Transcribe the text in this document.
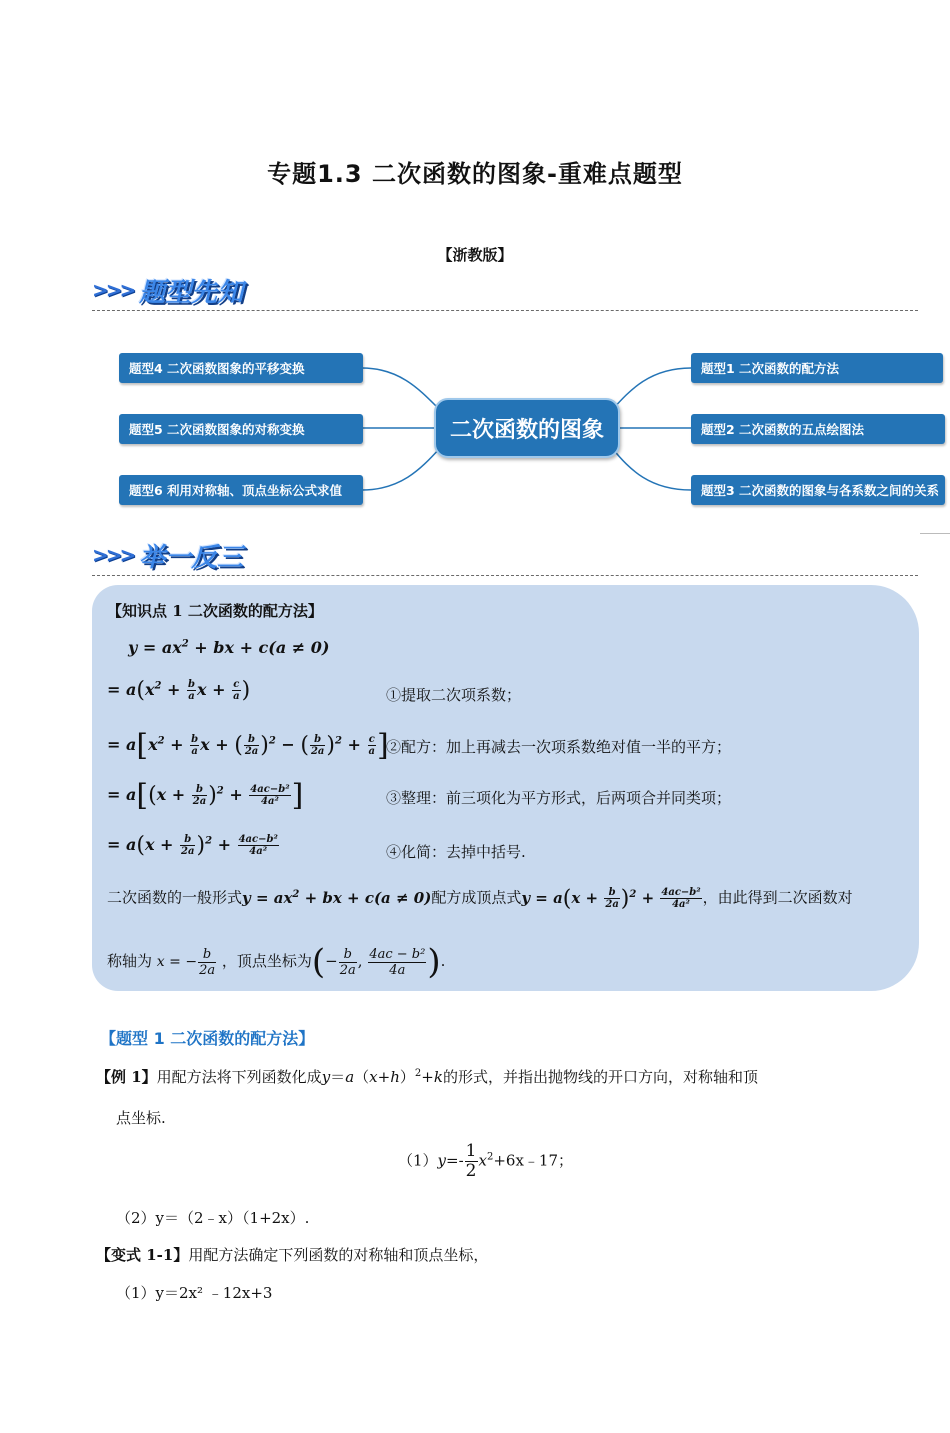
专题1.3 二次函数的图象-重难点题型
【浙教版】
>>> 题型先知
题型4 二次函数图象的平移变换
题型5 二次函数图象的对称变换
题型6 利用对称轴、顶点坐标公式求值
二次函数的图象
题型1 二次函数的配方法
题型2 二次函数的五点绘图法
题型3 二次函数的图象与各系数之间的关系
>>> 举一反三
【知识点 1 二次函数的配方法】
$y = ax^2$ + bx + c(a ≠ 0)
= $a(x^2 + \frac{b}{a}$ $x + \frac{c}{a}$ )	①提取二次项系数；
= $a[x^2 + \frac{b}{a}$ x + ( $\frac{b}{2a} )^2$ − ( $\frac{b}{2a} )^2 + \frac{c}{a}$ ]
②配方：加上再减去一次项系数绝对值一半的平方；
= $a[(x + \frac{b}{2a} )^2 + \frac{\text{4ac−b²}}{\text{4a²}}$ ]	③整理：前三项化为平方形式，后两项合并同类项；
= $a(x + \frac{b}{2a} )^2 + \frac{\text{4ac−b²}}{\text{4a²}}$	④化简：去掉中括号.
二次函数的一般形式$y = ax^2$ + bx + c(a ≠ 0)配方成顶点式$y = a(x + \frac{b}{2a} )^2 + \frac{\text{4ac−b²}}{\text{4a²}}$ ，由此得到二次函数对
称轴为 x = − $\frac{b}{2a}$ ，顶点坐标为(− $\frac{b}{2a}$ , $\frac{\text{4ac − b²}}{4a}$ ).
【题型 1 二次函数的配方法】
【例 1】用配方法将下列函数化成$y=a(x+h)^2+k$的形式，并指出抛物线的开口方向，对称轴和顶
点坐标.
$(1)y=- \frac{1}{2}$ $x^2+6x﹣17$；
（2）y＝（2﹣x）（1+2x）.
【变式 1-1】用配方法确定下列函数的对称轴和顶点坐标，
（1）y＝2x² ﹣12x+3
